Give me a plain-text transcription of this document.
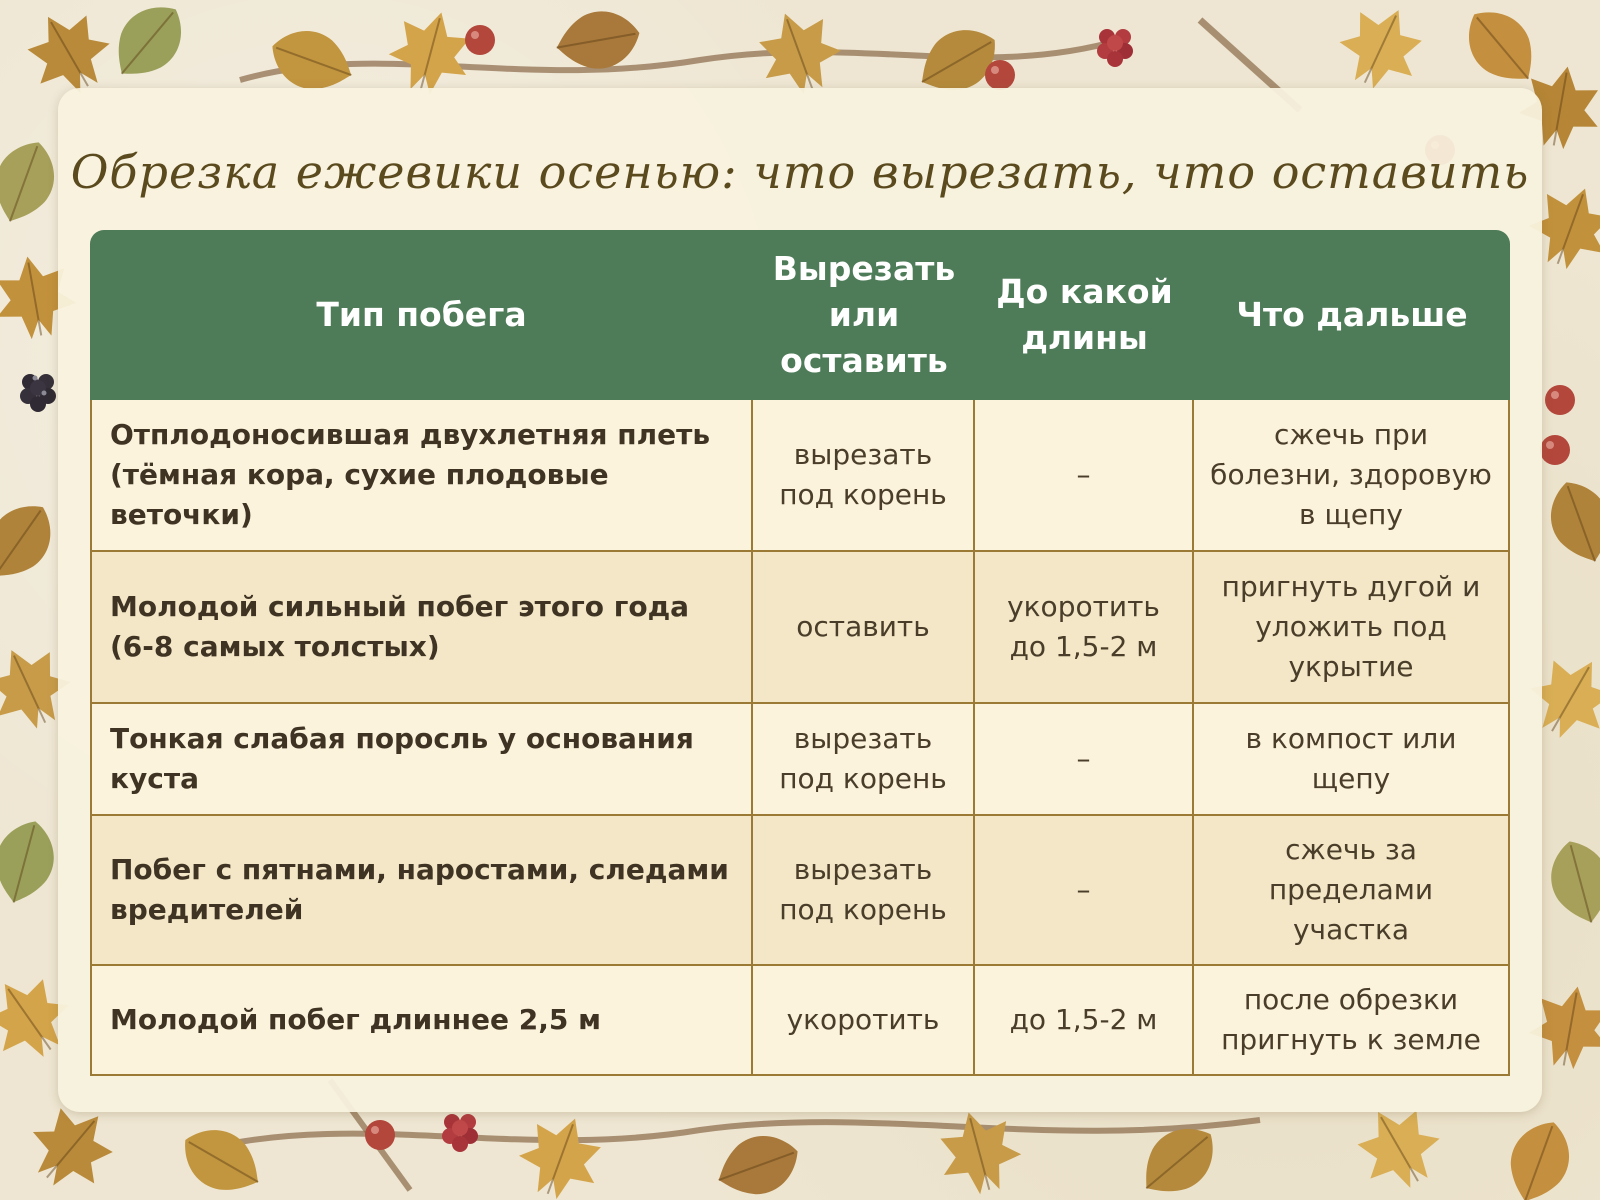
Обрезка ежевики осенью: что вырезать, что оставить
Тип побега	Вырезать или оставить	До какой длины	Что дальше
Отплодоносившая двухлетняя плеть (тёмная кора, сухие плодовые веточки)	вырезать под корень	–	сжечь при болезни, здоровую в щепу
Молодой сильный побег этого года (6-8 самых толстых)	оставить	укоротить до 1,5-2 м	пригнуть дугой и уложить под укрытие
Тонкая слабая поросль у основания куста	вырезать под корень	–	в компост или щепу
Побег с пятнами, наростами, следами вредителей	вырезать под корень	–	сжечь за пределами участка
Молодой побег длиннее 2,5 м	укоротить	до 1,5-2 м	после обрезки пригнуть к земле
